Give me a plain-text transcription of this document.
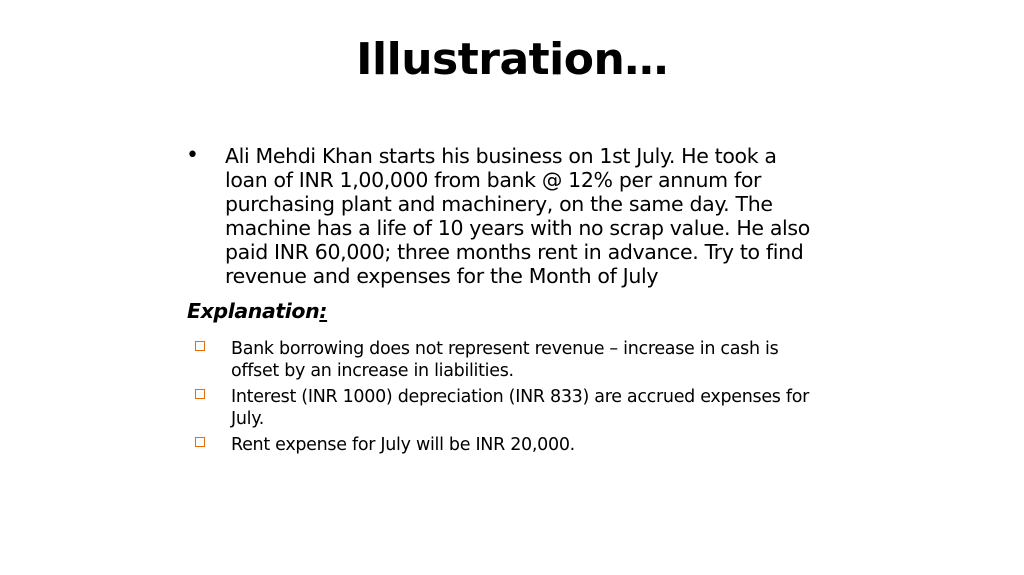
Illustration…
•	Ali Mehdi Khan starts his business on 1st July. He took a loan of INR 1,00,000 from bank @ 12% per annum for purchasing plant and machinery, on the same day. The machine has a life of 10 years with no scrap value. He also paid INR 60,000; three months rent in advance. Try to find revenue and expenses for the Month of July
Explanation:
Bank borrowing does not represent revenue – increase in cash is offset by an increase in liabilities.
Interest (INR 1000) depreciation (INR 833) are accrued expenses for July.
Rent expense for July will be INR 20,000.
